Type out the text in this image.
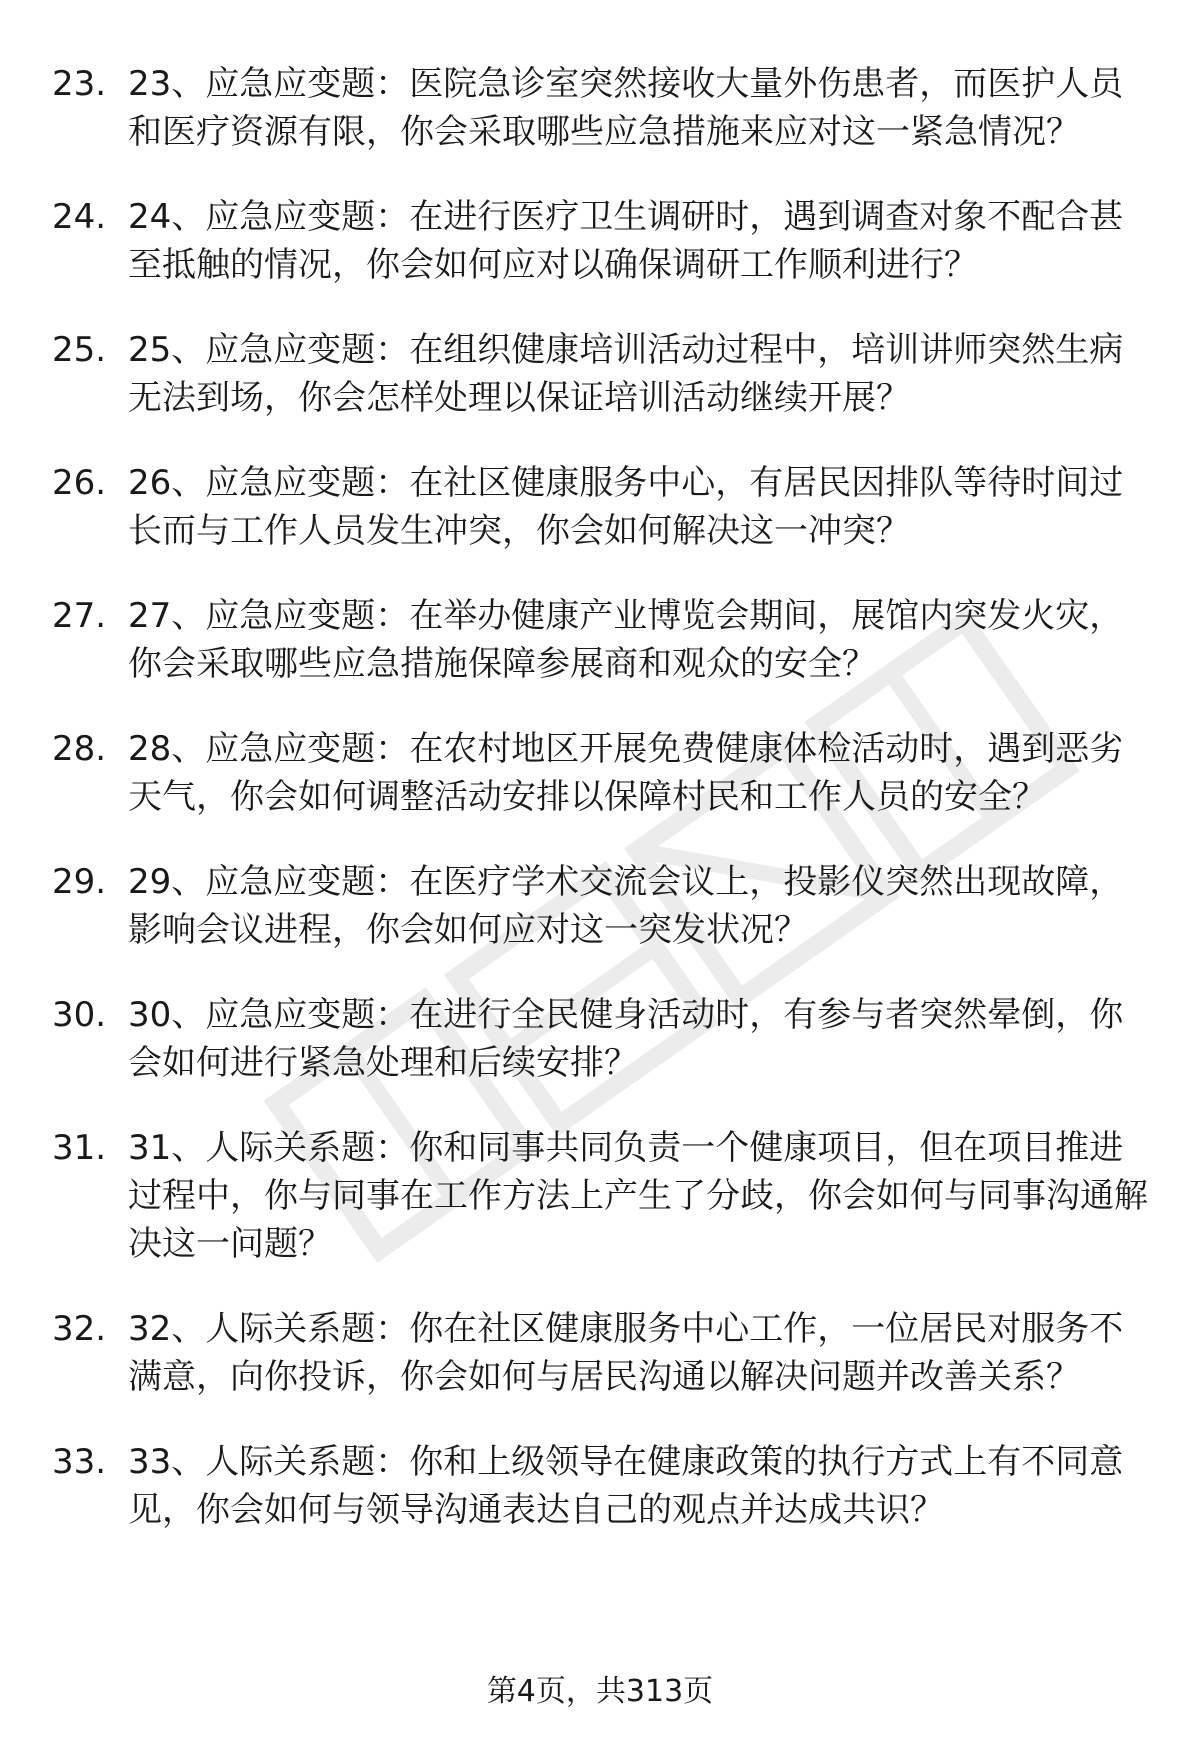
23. 23、应急应变题：医院急诊室突然接收大量外伤患者，而医护人员和医疗资源有限，你会采取哪些应急措施来应对这一紧急情况？

24. 24、应急应变题：在进行医疗卫生调研时，遇到调查对象不配合甚至抵触的情况，你会如何应对以确保调研工作顺利进行？

25. 25、应急应变题：在组织健康培训活动过程中，培训讲师突然生病无法到场，你会怎样处理以保证培训活动继续开展？

26. 26、应急应变题：在社区健康服务中心，有居民因排队等待时间过长而与工作人员发生冲突，你会如何解决这一冲突？

27. 27、应急应变题：在举办健康产业博览会期间，展馆内突发火灾，你会采取哪些应急措施保障参展商和观众的安全？

28. 28、应急应变题：在农村地区开展免费健康体检活动时，遇到恶劣天气，你会如何调整活动安排以保障村民和工作人员的安全？

29. 29、应急应变题：在医疗学术交流会议上，投影仪突然出现故障，影响会议进程，你会如何应对这一突发状况？

30. 30、应急应变题：在进行全民健身活动时，有参与者突然晕倒，你会如何进行紧急处理和后续安排？

31. 31、人际关系题：你和同事共同负责一个健康项目，但在项目推进过程中，你与同事在工作方法上产生了分歧，你会如何与同事沟通解决这一问题？

32. 32、人际关系题：你在社区健康服务中心工作，一位居民对服务不满意，向你投诉，你会如何与居民沟通以解决问题并改善关系？

33. 33、人际关系题：你和上级领导在健康政策的执行方式上有不同意见，你会如何与领导沟通表达自己的观点并达成共识？

第4页，共313页
